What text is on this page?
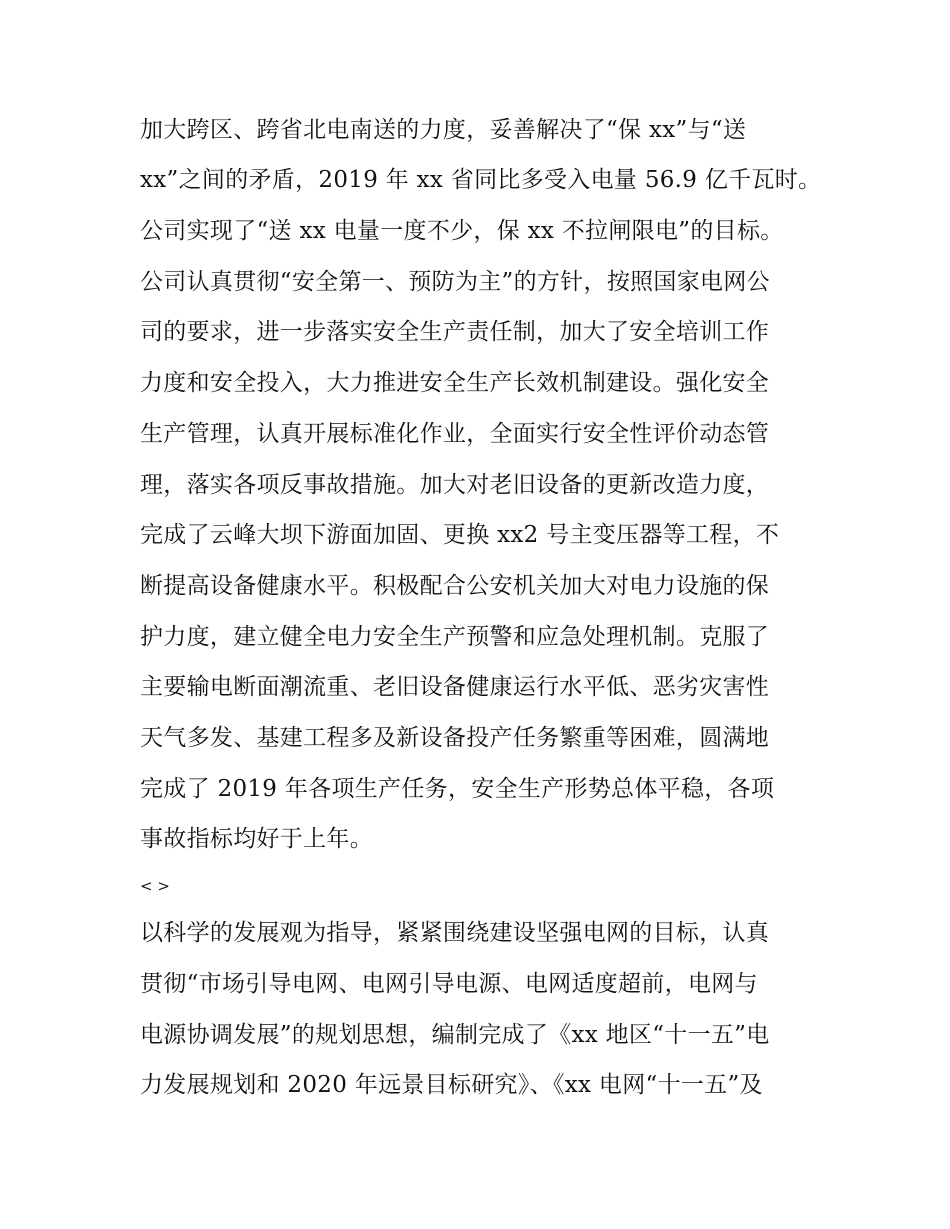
加大跨区、跨省北电南送的力度，妥善解决了“保 xx”与“送
xx”之间的矛盾，2019 年 xx 省同比多受入电量 56.9 亿千瓦时。
公司实现了“送 xx 电量一度不少，保 xx 不拉闸限电”的目标。
公司认真贯彻“安全第一、预防为主”的方针，按照国家电网公
司的要求，进一步落实安全生产责任制，加大了安全培训工作
力度和安全投入，大力推进安全生产长效机制建设。强化安全
生产管理，认真开展标准化作业，全面实行安全性评价动态管
理，落实各项反事故措施。加大对老旧设备的更新改造力度，
完成了云峰大坝下游面加固、更换 xx2 号主变压器等工程，不
断提高设备健康水平。积极配合公安机关加大对电力设施的保
护力度，建立健全电力安全生产预警和应急处理机制。克服了
主要输电断面潮流重、老旧设备健康运行水平低、恶劣灾害性
天气多发、基建工程多及新设备投产任务繁重等困难，圆满地
完成了 2019 年各项生产任务，安全生产形势总体平稳，各项
事故指标均好于上年。
< >
以科学的发展观为指导，紧紧围绕建设坚强电网的目标，认真
贯彻“市场引导电网、电网引导电源、电网适度超前，电网与
电源协调发展”的规划思想，编制完成了《xx 地区“十一五”电
力发展规划和 2020 年远景目标研究》、《xx 电网“十一五”及
